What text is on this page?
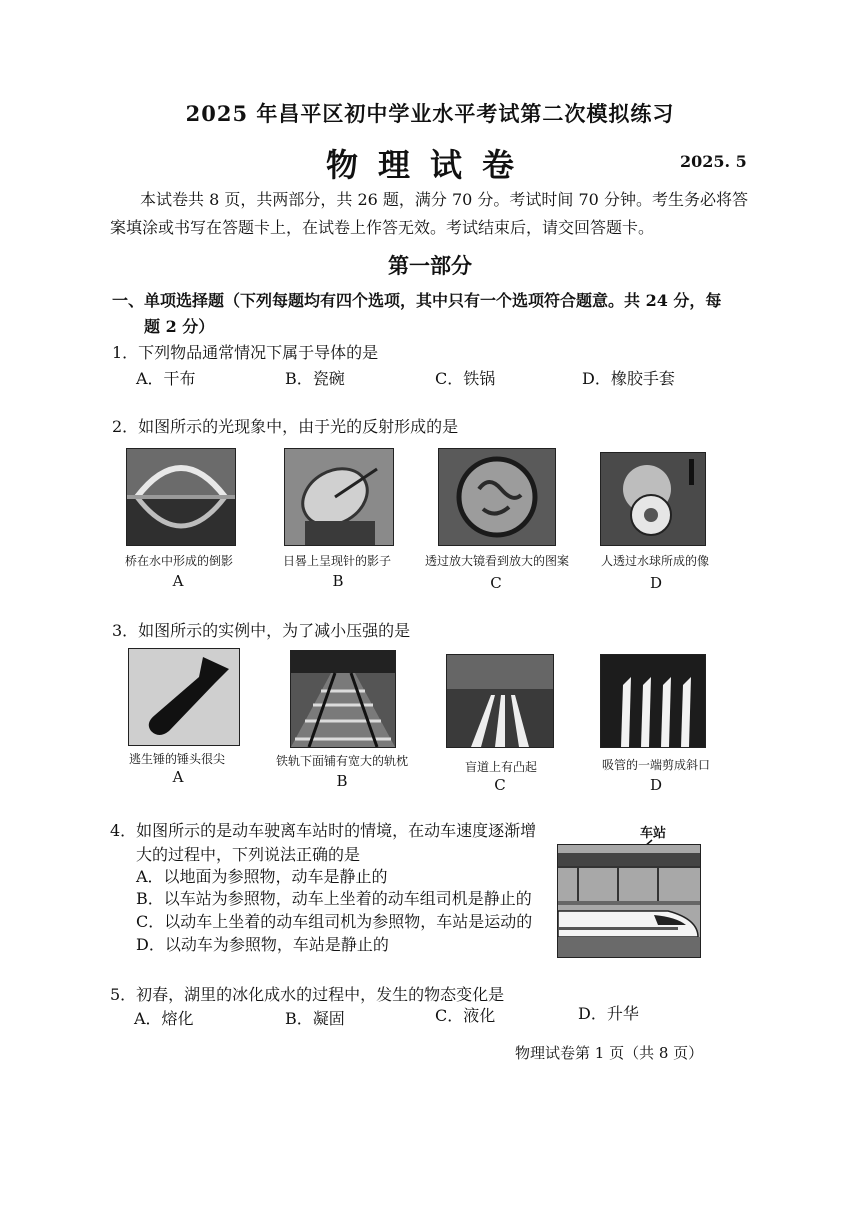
2025 年昌平区初中学业水平考试第二次模拟练习
物理试卷	2025. 5
本试卷共 8 页，共两部分，共 26 题，满分 70 分。考试时间 70 分钟。考生务必将答案填涂或书写在答题卡上，在试卷上作答无效。考试结束后，请交回答题卡。
第一部分
一、单项选择题（下列每题均有四个选项，其中只有一个选项符合题意。共 24 分，每
题 2 分）
1．下列物品通常情况下属于导体的是
A．干布	B．瓷碗	C．铁锅	D．橡胶手套
2．如图所示的光现象中，由于光的反射形成的是
桥在水中形成的倒影
A
日晷上呈现针的影子
B
透过放大镜看到放大的图案
C
人透过水球所成的像
D
3．如图所示的实例中，为了减小压强的是
逃生锤的锤头很尖
A
铁轨下面铺有宽大的轨枕
B
盲道上有凸起
C
吸管的一端剪成斜口
D
4．如图所示的是动车驶离车站时的情境，在动车速度逐渐增
大的过程中，下列说法正确的是
A．以地面为参照物，动车是静止的
B．以车站为参照物，动车上坐着的动车组司机是静止的
C．以动车上坐着的动车组司机为参照物，车站是运动的
D．以动车为参照物，车站是静止的
车站
5．初春，湖里的冰化成水的过程中，发生的物态变化是
A．熔化	B．凝固	C．液化	D．升华
物理试卷第 1 页（共 8 页）
